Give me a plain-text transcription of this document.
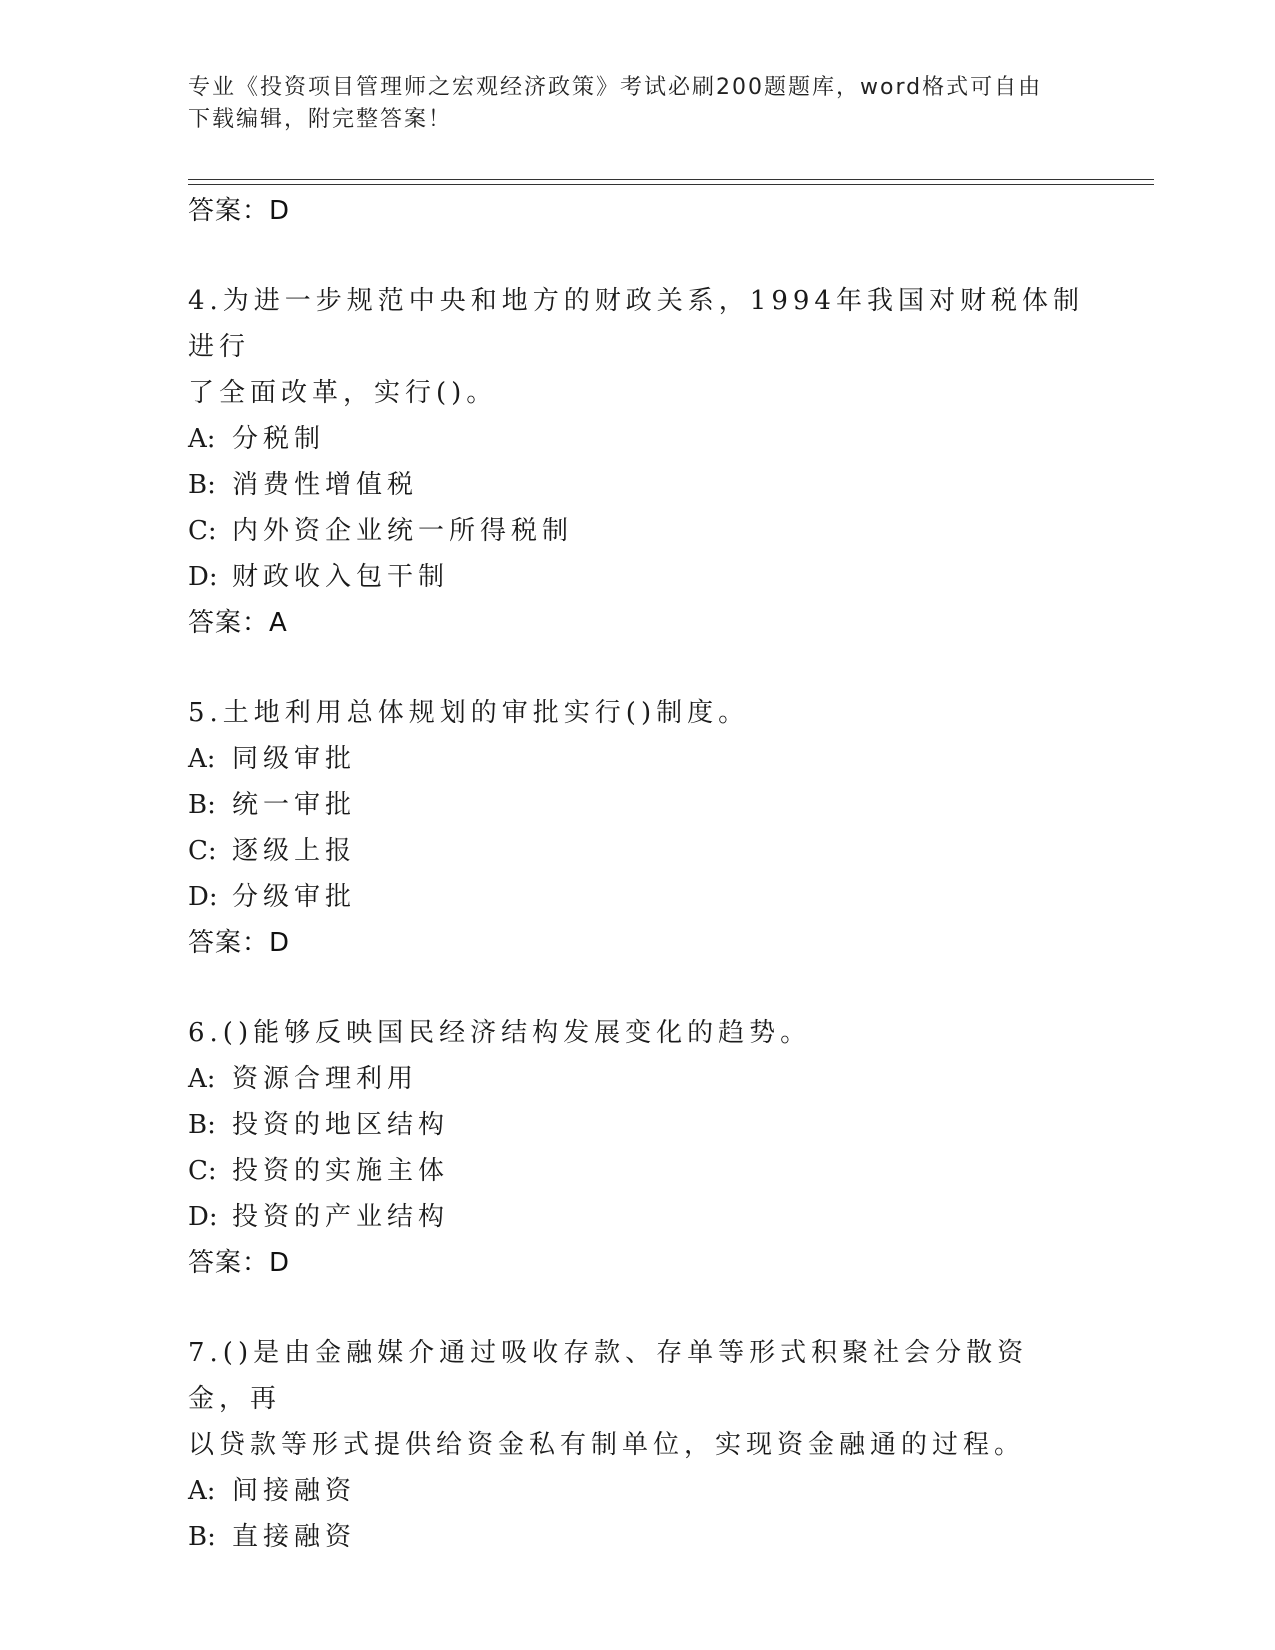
专业《投资项目管理师之宏观经济政策》考试必刷200题题库，word格式可自由
下载编辑，附完整答案！
答案：D
4.为进一步规范中央和地方的财政关系，1994年我国对财税体制进行
了全面改革，实行()。
A: 分税制
B: 消费性增值税
C: 内外资企业统一所得税制
D: 财政收入包干制
答案：A
5.土地利用总体规划的审批实行()制度。
A: 同级审批
B: 统一审批
C: 逐级上报
D: 分级审批
答案：D
6.()能够反映国民经济结构发展变化的趋势。
A: 资源合理利用
B: 投资的地区结构
C: 投资的实施主体
D: 投资的产业结构
答案：D
7.()是由金融媒介通过吸收存款、存单等形式积聚社会分散资金，再
以贷款等形式提供给资金私有制单位，实现资金融通的过程。
A: 间接融资
B: 直接融资
